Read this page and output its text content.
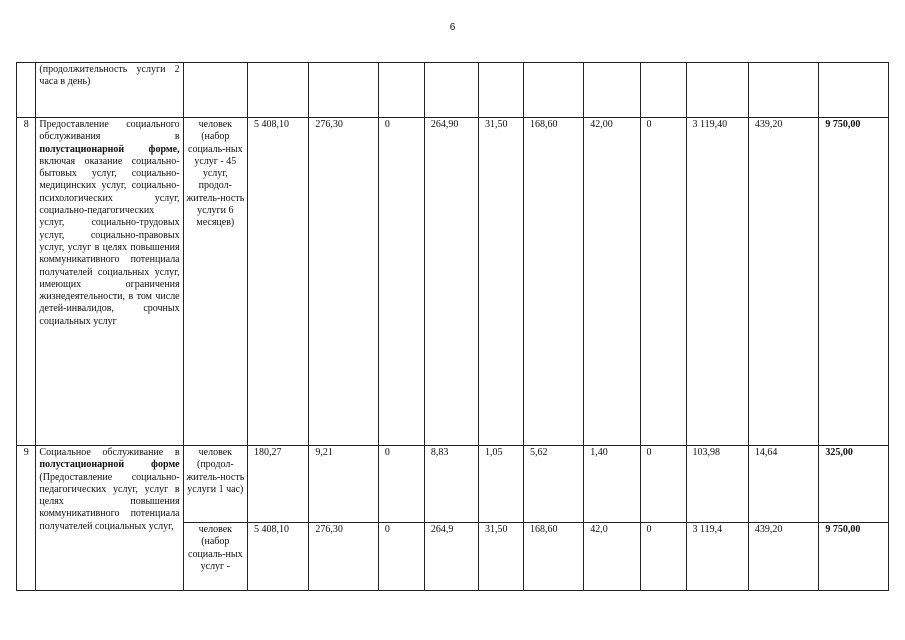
6
	(продолжительность услуги 2 часа в день)												
8	Предоставление социального обслуживания в полустационарной форме, включая оказание социально-бытовых услуг, социально-медицинских услуг, социально-психологических услуг, социально-педагогических услуг, социально-трудовых услуг, социально-правовых услуг, услуг в целях повышения коммуникативного потенциала получателей социальных услуг, имеющих ограничения жизнедеятельности, в том числе детей-инвалидов, срочных социальных услуг	человек (набор социаль-ных услуг - 45 услуг, продол-житель-ность услуги 6 месяцев)	5 408,10	276,30	0	264,90	31,50	168,60	42,00	0	3 119,40	439,20	9 750,00
9	Социальное обслуживание в полустационарной форме (Предоставление социально-педагогических услуг, услуг в целях повышения коммуникативного потенциала получателей социальных услуг,	человек (продол-житель-ность услуги 1 час)	180,27	9,21	0	8,83	1,05	5,62	1,40	0	103,98	14,64	325,00
		человек (набор социаль-ных услуг -	5 408,10	276,30	0	264,9	31,50	168,60	42,0	0	3 119,4	439,20	9 750,00
